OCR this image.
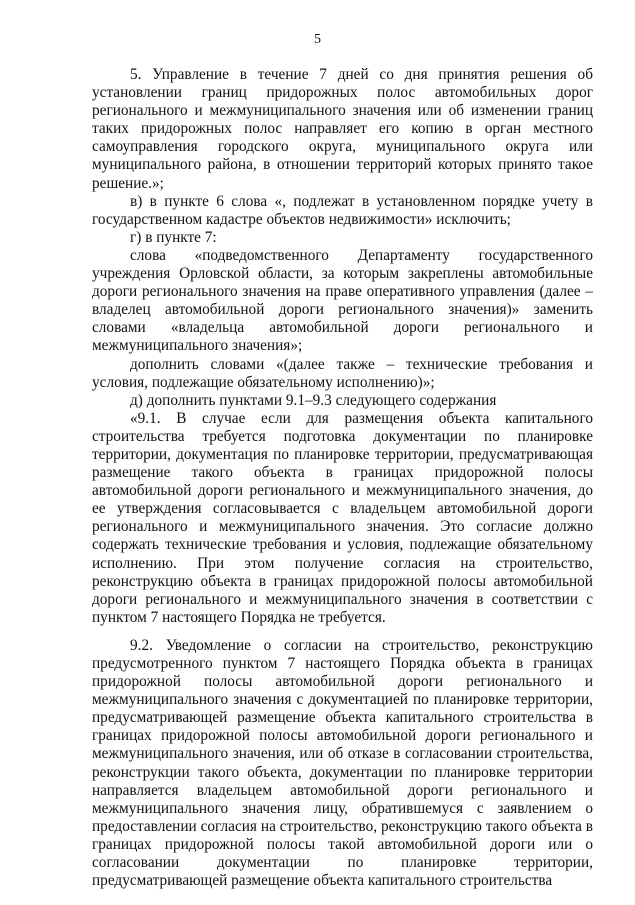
5

5. Управление в течение 7 дней со дня принятия решения об установлении границ придорожных полос автомобильных дорог регионального и межмуниципального значения или об изменении границ таких придорожных полос направляет его копию в орган местного самоуправления городского округа, муниципального округа или муниципального района, в отношении территорий которых принято такое решение.»;

в) в пункте 6 слова «, подлежат в установленном порядке учету в государственном кадастре объектов недвижимости» исключить;

г) в пункте 7:

слова «подведомственного Департаменту государственного учреждения Орловской области, за которым закреплены автомобильные дороги регионального значения на праве оперативного управления (далее – владелец автомобильной дороги регионального значения)» заменить словами «владельца автомобильной дороги регионального и межмуниципального значения»;

дополнить словами «(далее также – технические требования и условия, подлежащие обязательному исполнению)»;

д) дополнить пунктами 9.1–9.3 следующего содержания

«9.1. В случае если для размещения объекта капитального строительства требуется подготовка документации по планировке территории, документация по планировке территории, предусматривающая размещение такого объекта в границах придорожной полосы автомобильной дороги регионального и межмуниципального значения, до ее утверждения согласовывается с владельцем автомобильной дороги регионального и межмуниципального значения. Это согласие должно содержать технические требования и условия, подлежащие обязательному исполнению. При этом получение согласия на строительство, реконструкцию объекта в границах придорожной полосы автомобильной дороги регионального и межмуниципального значения в соответствии с пунктом 7 настоящего Порядка не требуется.

9.2. Уведомление о согласии на строительство, реконструкцию предусмотренного пунктом 7 настоящего Порядка объекта в границах придорожной полосы автомобильной дороги регионального и межмуниципального значения с документацией по планировке территории, предусматривающей размещение объекта капитального строительства в границах придорожной полосы автомобильной дороги регионального и межмуниципального значения, или об отказе в согласовании строительства, реконструкции такого объекта, документации по планировке территории направляется владельцем автомобильной дороги регионального и межмуниципального значения лицу, обратившемуся с заявлением о предоставлении согласия на строительство, реконструкцию такого объекта в границах придорожной полосы такой автомобильной дороги или о согласовании документации по планировке территории, предусматривающей размещение объекта капитального строительства
